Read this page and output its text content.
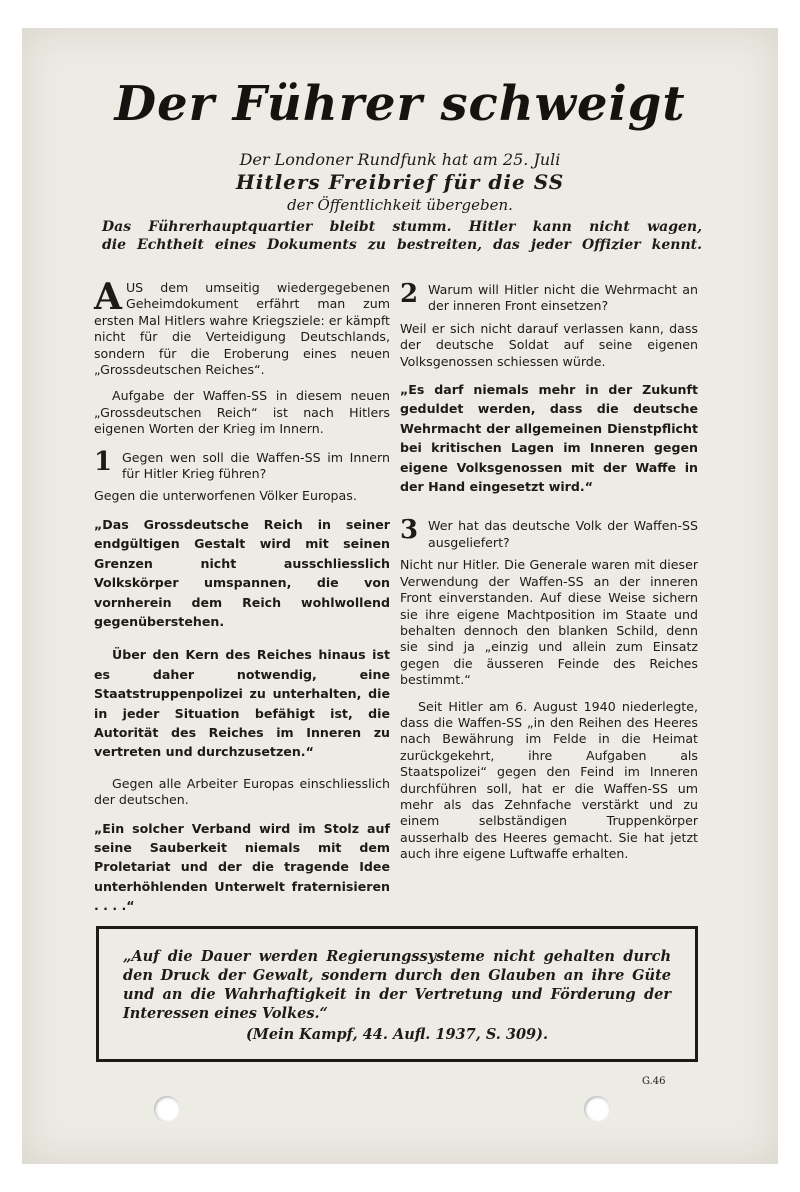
Der Führer schweigt
Der Londoner Rundfunk hat am 25. Juli
Hitlers Freibrief für die SS
der Öffentlichkeit übergeben.
Das Führerhauptquartier bleibt stumm. Hitler kann nicht wagen,
die Echtheit eines Dokuments zu bestreiten, das jeder Offizier kennt.

A US dem umseitig wiedergegebenen Geheimdokument erfährt man zum ersten Mal Hitlers wahre Kriegsziele: er kämpft nicht für die Verteidigung Deutschlands, sondern für die Eroberung eines neuen „Grossdeutschen Reiches“.

Aufgabe der Waffen-SS in diesem neuen „Grossdeutschen Reich“ ist nach Hitlers eigenen Worten der Krieg im Innern.

1 Gegen wen soll die Waffen-SS im Innern für Hitler Krieg führen?

Gegen die unterworfenen Völker Europas.

„Das Grossdeutsche Reich in seiner endgültigen Gestalt wird mit seinen Grenzen nicht ausschliesslich Volkskörper umspannen, die von vornherein dem Reich wohlwollend gegenüberstehen.

Über den Kern des Reiches hinaus ist es daher notwendig, eine Staatstruppenpolizei zu unterhalten, die in jeder Situation befähigt ist, die Autorität des Reiches im Inneren zu vertreten und durchzusetzen.“

Gegen alle Arbeiter Europas einschliesslich der deutschen.

„Ein solcher Verband wird im Stolz auf seine Sauberkeit niemals mit dem Proletariat und der die tragende Idee unterhöhlenden Unterwelt fraternisieren . . . .“

2 Warum will Hitler nicht die Wehrmacht an der inneren Front einsetzen?

Weil er sich nicht darauf verlassen kann, dass der deutsche Soldat auf seine eigenen Volksgenossen schiessen würde.

„Es darf niemals mehr in der Zukunft geduldet werden, dass die deutsche Wehrmacht der allgemeinen Dienstpflicht bei kritischen Lagen im Inneren gegen eigene Volksgenossen mit der Waffe in der Hand eingesetzt wird.“

3 Wer hat das deutsche Volk der Waffen-SS ausgeliefert?

Nicht nur Hitler. Die Generale waren mit dieser Verwendung der Waffen-SS an der inneren Front einverstanden. Auf diese Weise sichern sie ihre eigene Machtposition im Staate und behalten dennoch den blanken Schild, denn sie sind ja „einzig und allein zum Einsatz gegen die äusseren Feinde des Reiches bestimmt.“

Seit Hitler am 6. August 1940 niederlegte, dass die Waffen-SS „in den Reihen des Heeres nach Bewährung im Felde in die Heimat zurückgekehrt, ihre Aufgaben als Staatspolizei“ gegen den Feind im Inneren durchführen soll, hat er die Waffen-SS um mehr als das Zehnfache verstärkt und zu einem selbständigen Truppenkörper ausserhalb des Heeres gemacht. Sie hat jetzt auch ihre eigene Luftwaffe erhalten.

„Auf die Dauer werden Regierungssysteme nicht gehalten durch den Druck der Gewalt, sondern durch den Glauben an ihre Güte und an die Wahrhaftigkeit in der Vertretung und Förderung der Interessen eines Volkes.“
(Mein Kampf, 44. Aufl. 1937, S. 309).
G.46
